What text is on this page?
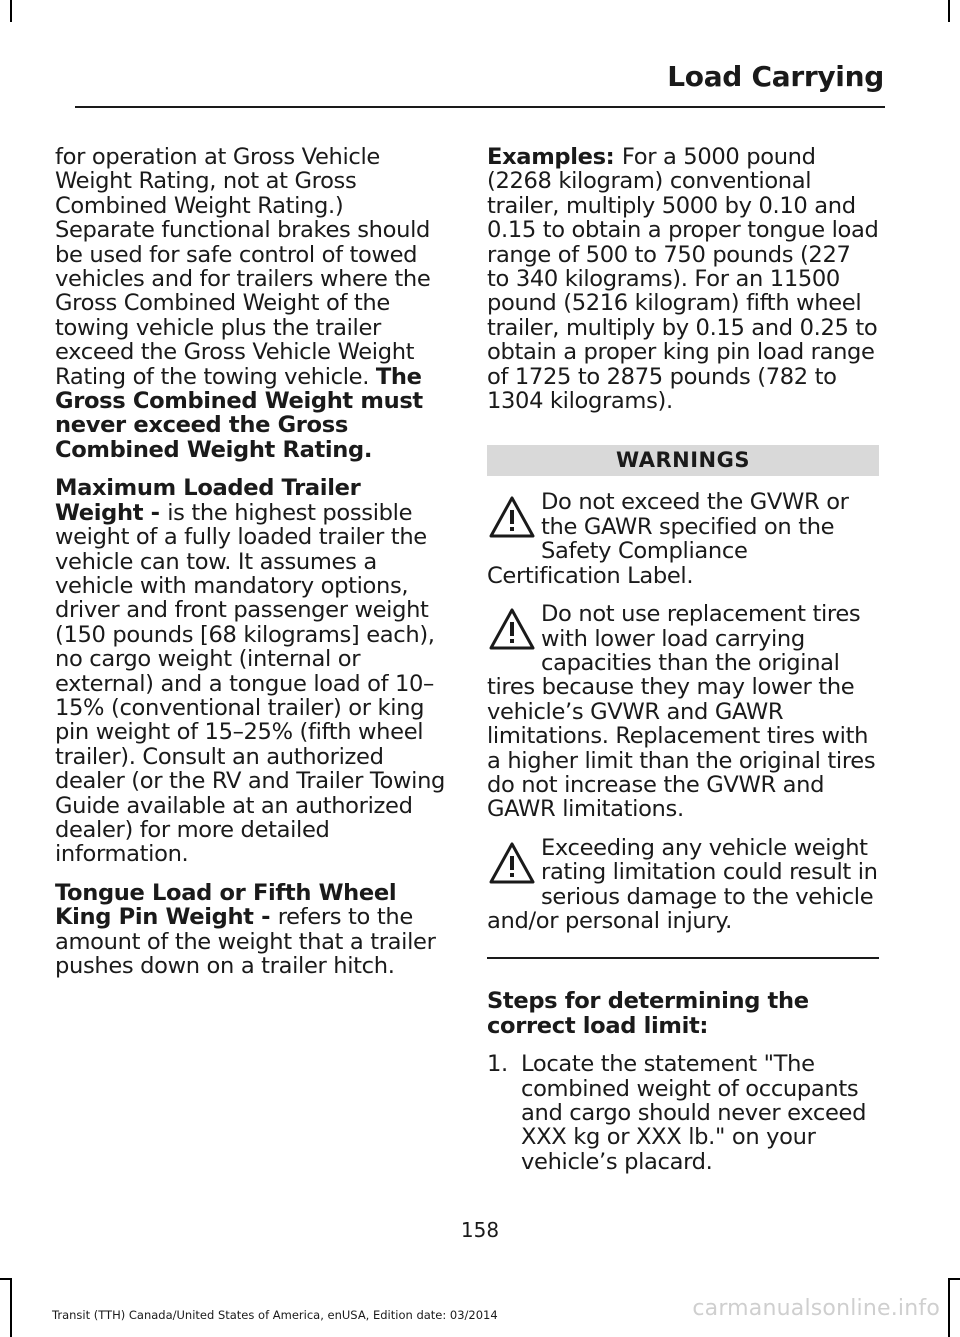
Load Carrying

for operation at Gross Vehicle Weight Rating, not at Gross Combined Weight Rating.) Separate functional brakes should be used for safe control of towed vehicles and for trailers where the Gross Combined Weight of the towing vehicle plus the trailer exceed the Gross Vehicle Weight Rating of the towing vehicle. The Gross Combined Weight must never exceed the Gross Combined Weight Rating.

Maximum Loaded Trailer Weight - is the highest possible weight of a fully loaded trailer the vehicle can tow. It assumes a vehicle with mandatory options, driver and front passenger weight (150 pounds [68 kilograms] each), no cargo weight (internal or external) and a tongue load of 10–15% (conventional trailer) or king pin weight of 15–25% (fifth wheel trailer). Consult an authorized dealer (or the RV and Trailer Towing Guide available at an authorized dealer) for more detailed information.

Tongue Load or Fifth Wheel King Pin Weight - refers to the amount of the weight that a trailer pushes down on a trailer hitch.

Examples: For a 5000 pound (2268 kilogram) conventional trailer, multiply 5000 by 0.10 and 0.15 to obtain a proper tongue load range of 500 to 750 pounds (227 to 340 kilograms). For an 11500 pound (5216 kilogram) fifth wheel trailer, multiply by 0.15 and 0.25 to obtain a proper king pin load range of 1725 to 2875 pounds (782 to 1304 kilograms).

WARNINGS
Do not exceed the GVWR or the GAWR specified on the Safety Compliance Certification Label.
Do not use replacement tires with lower load carrying capacities than the original tires because they may lower the vehicle’s GVWR and GAWR limitations. Replacement tires with a higher limit than the original tires do not increase the GVWR and GAWR limitations.
Exceeding any vehicle weight rating limitation could result in serious damage to the vehicle and/or personal injury.

Steps for determining the correct load limit:

1. Locate the statement "The combined weight of occupants and cargo should never exceed XXX kg or XXX lb." on your vehicle’s placard.
158
Transit (TTH) Canada/United States of America, enUSA, Edition date: 03/2014	carmanualsonline.info
